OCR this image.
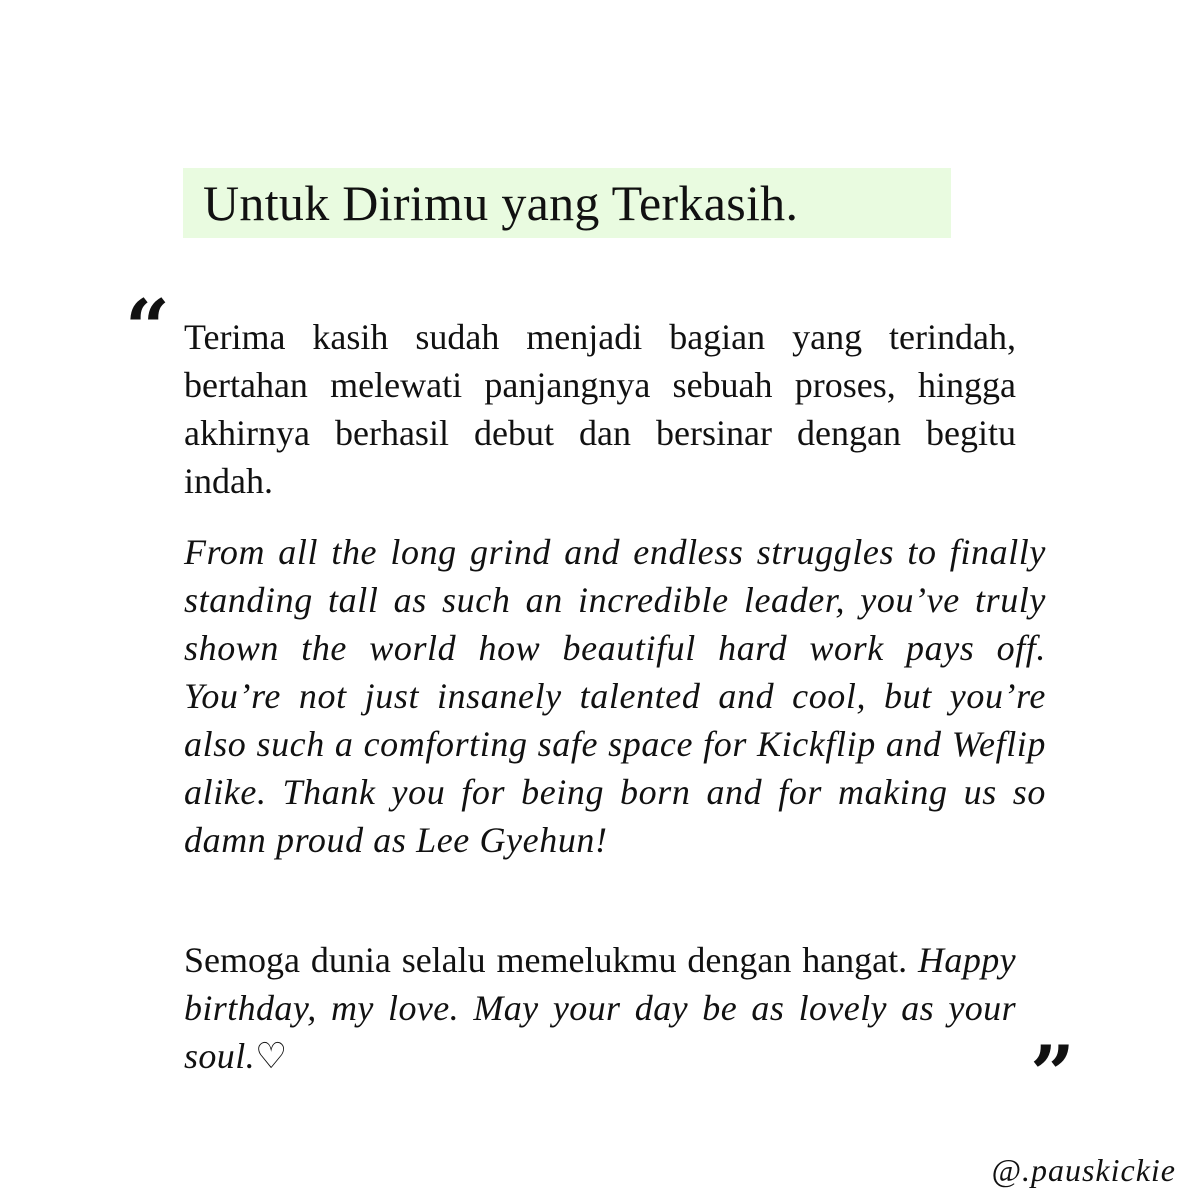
Untuk Dirimu yang Terkasih.
“ Terima kasih sudah menjadi bagian yang terindah, bertahan melewati panjangnya sebuah proses, hingga akhirnya berhasil debut dan bersinar dengan begitu indah.
From all the long grind and endless struggles to finally standing tall as such an incredible leader, you’ve truly shown the world how beautiful hard work pays off. You’re not just insanely talented and cool, but you’re also such a comforting safe space for Kickflip and Weflip alike. Thank you for being born and for making us so damn proud as Lee Gyehun!
Semoga dunia selalu memelukmu dengan hangat. Happy birthday, my love. May your day be as lovely as your soul.♡	”
@.pauskickie
